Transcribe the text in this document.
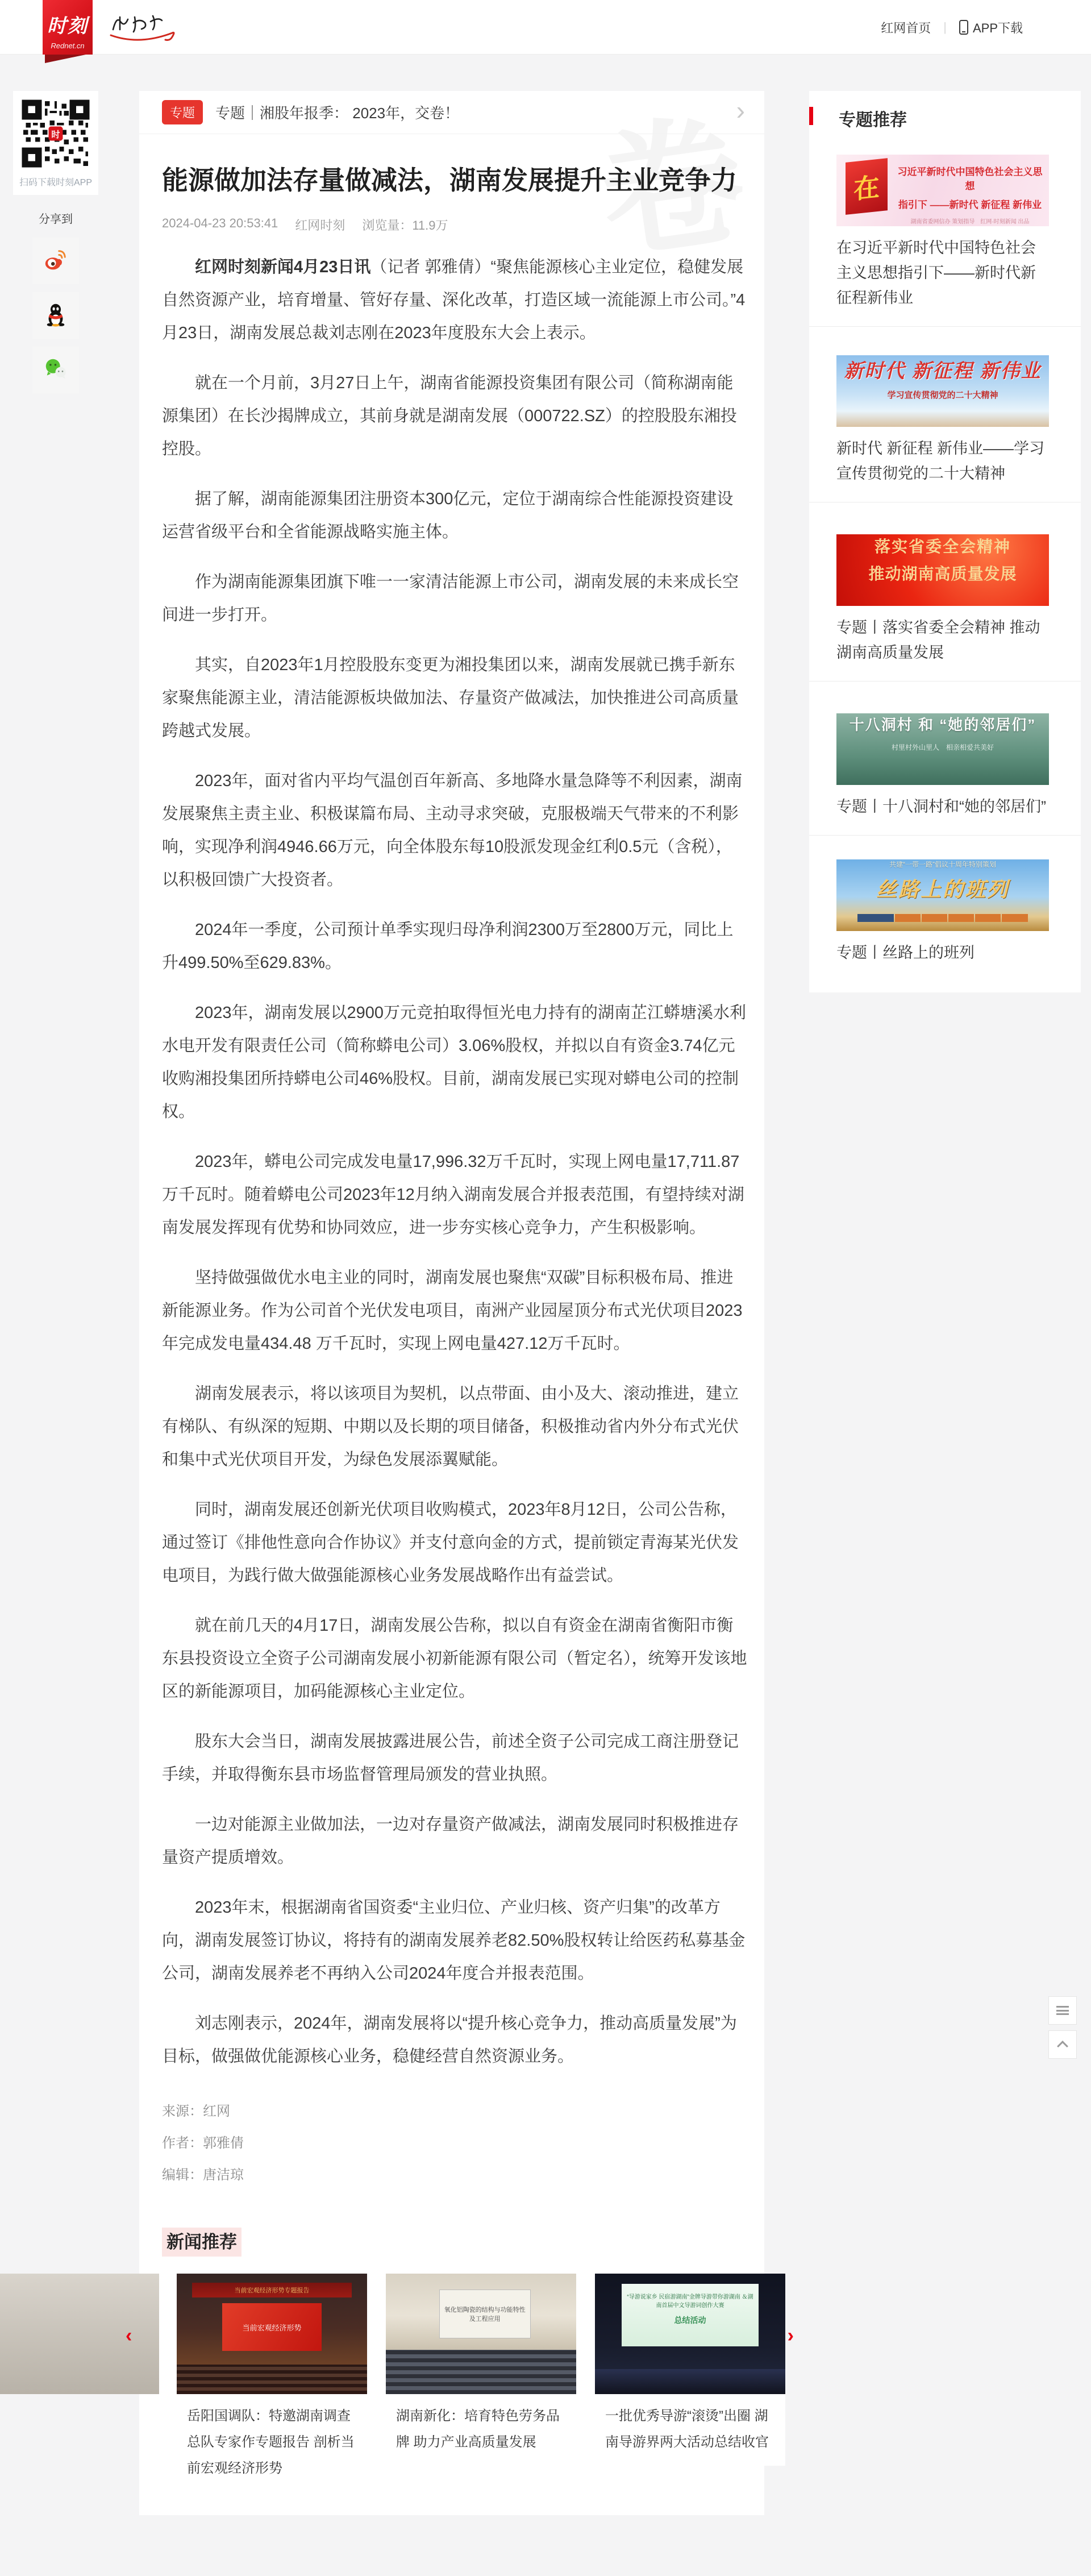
时刻
Rednet.cn
红网首页 | APP下载
时
扫码下载时刻APP
分享到
专题	专题｜湘股年报季： 2023年，交卷！	›
能源做加法存量做减法，湖南发展提升主业竞争力
2024-04-23 20:53:41 红网时刻 浏览量：11.9万

红网时刻新闻4月23日讯（记者 郭雅倩）“聚焦能源核心主业定位，稳健发展自然资源产业，培育增量、管好存量、深化改革，打造区域一流能源上市公司。”4月23日，湖南发展总裁刘志刚在2023年度股东大会上表示。

就在一个月前，3月27日上午，湖南省能源投资集团有限公司（简称湖南能源集团）在长沙揭牌成立，其前身就是湖南发展（000722.SZ）的控股股东湘投控股。

据了解，湖南能源集团注册资本300亿元，定位于湖南综合性能源投资建设运营省级平台和全省能源战略实施主体。

作为湖南能源集团旗下唯一一家清洁能源上市公司，湖南发展的未来成长空间进一步打开。

其实，自2023年1月控股股东变更为湘投集团以来，湖南发展就已携手新东家聚焦能源主业，清洁能源板块做加法、存量资产做减法，加快推进公司高质量跨越式发展。

2023年，面对省内平均气温创百年新高、多地降水量急降等不利因素，湖南发展聚焦主责主业、积极谋篇布局、主动寻求突破，克服极端天气带来的不利影响，实现净利润4946.66万元，向全体股东每10股派发现金红利0.5元（含税），以积极回馈广大投资者。

2024年一季度，公司预计单季实现归母净利润2300万至2800万元，同比上升499.50%至629.83%。

2023年，湖南发展以2900万元竞拍取得恒光电力持有的湖南芷江蟒塘溪水利水电开发有限责任公司（简称蟒电公司）3.06%股权，并拟以自有资金3.74亿元收购湘投集团所持蟒电公司46%股权。目前，湖南发展已实现对蟒电公司的控制权。

2023年，蟒电公司完成发电量17,996.32万千瓦时，实现上网电量17,711.87万千瓦时。随着蟒电公司2023年12月纳入湖南发展合并报表范围，有望持续对湖南发展发挥现有优势和协同效应，进一步夯实核心竞争力，产生积极影响。

坚持做强做优水电主业的同时，湖南发展也聚焦“双碳”目标积极布局、推进新能源业务。作为公司首个光伏发电项目，南洲产业园屋顶分布式光伏项目2023年完成发电量434.48 万千瓦时，实现上网电量427.12万千瓦时。

湖南发展表示，将以该项目为契机，以点带面、由小及大、滚动推进，建立有梯队、有纵深的短期、中期以及长期的项目储备，积极推动省内外分布式光伏和集中式光伏项目开发，为绿色发展添翼赋能。

同时，湖南发展还创新光伏项目收购模式，2023年8月12日，公司公告称，通过签订《排他性意向合作协议》并支付意向金的方式，提前锁定青海某光伏发电项目，为践行做大做强能源核心业务发展战略作出有益尝试。

就在前几天的4月17日，湖南发展公告称，拟以自有资金在湖南省衡阳市衡东县投资设立全资子公司湖南发展小初新能源有限公司（暂定名），统筹开发该地区的新能源项目，加码能源核心主业定位。

股东大会当日，湖南发展披露进展公告，前述全资子公司完成工商注册登记手续，并取得衡东县市场监督管理局颁发的营业执照。

一边对能源主业做加法，一边对存量资产做减法，湖南发展同时积极推进存量资产提质增效。

2023年末，根据湖南省国资委“主业归位、产业归核、资产归集”的改革方向，湖南发展签订协议，将持有的湖南发展养老82.50%股权转让给医药私募基金公司，湖南发展养老不再纳入公司2024年度合并报表范围。

刘志刚表示，2024年，湖南发展将以“提升核心竞争力，推动高质量发展”为目标，做强做优能源核心业务，稳健经营自然资源业务。

来源：红网
作者：郭雅倩
编辑：唐洁琼
新闻推荐
‹	›
当前宏观经济形势专题报告
当前宏观经济形势
岳阳国调队：特邀湖南调查总队专家作专题报告 剖析当前宏观经济形势
氧化铝陶瓷的结构与功能特性及工程应用
湖南新化：培育特色劳务品牌 助力产业高质量发展
“导游说家乡 民宿游湖南”金牌导游带你游湖南 ＆湖南首届中文导游词创作大赛
总结活动
一批优秀导游“滚烫”出圈 湖南导游界两大活动总结收官
专题推荐
在
习近平新时代中国特色社会主义思想
指引下 ——新时代 新征程 新伟业
湖南省委网信办 策划指导　红网·时刻新闻 出品
在习近平新时代中国特色社会主义思想指引下——新时代新征程新伟业
新时代 新征程 新伟业
学习宣传贯彻党的二十大精神
新时代 新征程 新伟业——学习宣传贯彻党的二十大精神
落实省委全会精神
推动湖南高质量发展
专题丨落实省委全会精神 推动湖南高质量发展
十八洞村 和 “她的邻居们”
村里村外山里人　相亲相爱共美好
专题丨十八洞村和“她的邻居们”
共建“一带一路”倡议十周年特别策划
丝路上的班列
专题丨丝路上的班列
